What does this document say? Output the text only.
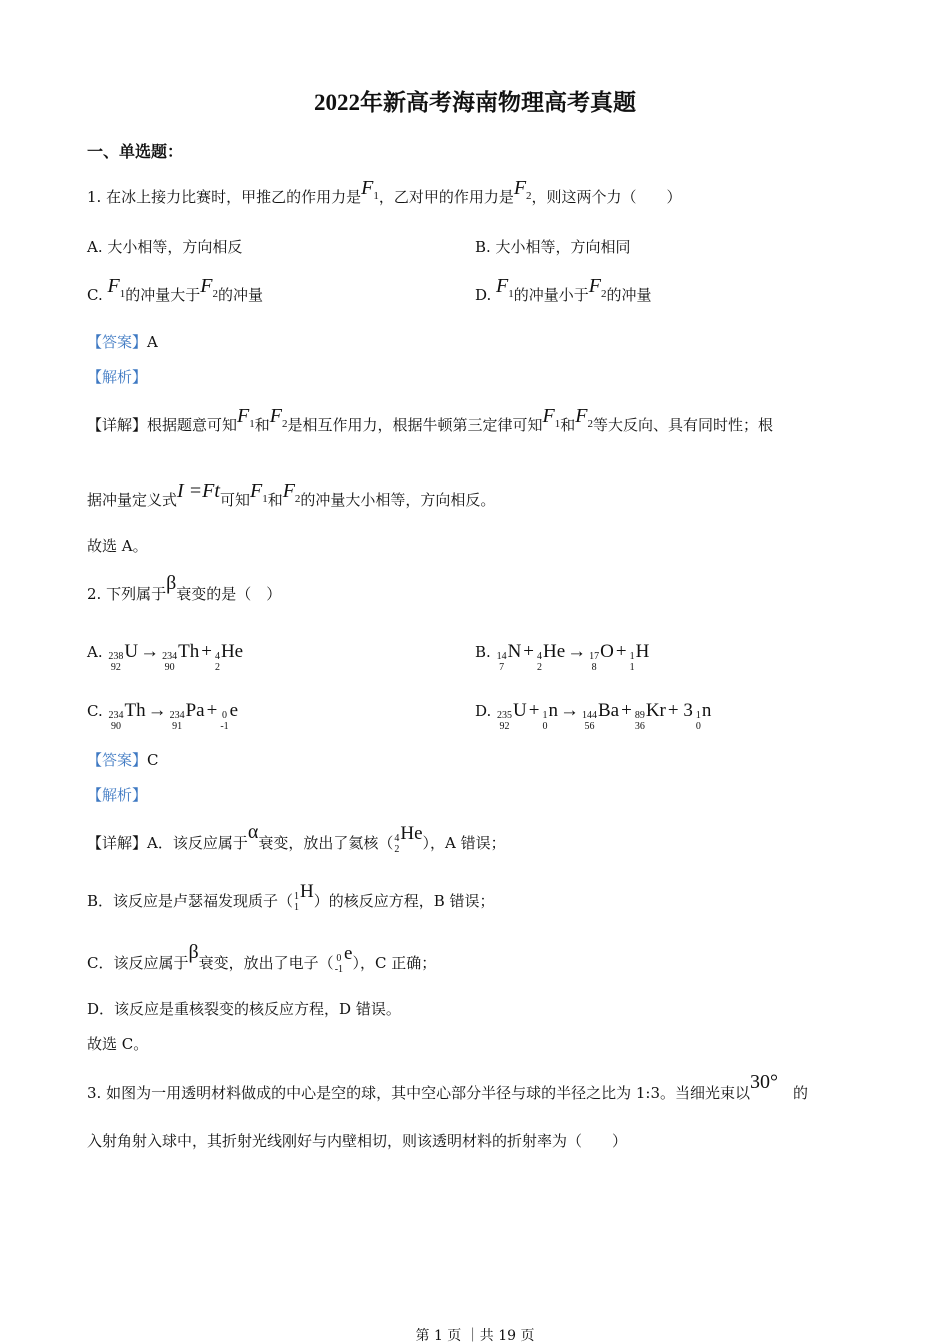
2022年新高考海南物理高考真题
一、单选题：
第 1 页 ｜共 19 页
1. 在冰上接力比赛时，甲推乙的作用力是$F_1$，乙对甲的作用力是$F_2$，则这两个力（　　）
A. 大小相等，方向相反	B. 大小相等，方向相同
C. $F_1$的冲量大于$F_2$的冲量	D. $F_1$的冲量小于$F_2$的冲量
【答案】A
【解析】
【详解】根据题意可知$F_1$和$F_2$是相互作用力，根据牛顿第三定律可知$F_1$和$F_2$等大反向、具有同时性；根
据冲量定义式I =Ft可知$F_1$和$F_2$的冲量大小相等，方向相反。
故选 A。
2. 下列属于β衰变的是（　）
A. 238
92
U → 234
90
Th + 4
2
He	B. 14
7
N + 4
2
He → 17
8
O + 1
1
H
C. 234
90
Th → 234
91
Pa + 0
-1
e	D. 235
92
U + 1
0
n → 144
56
Ba + 89
36
Kr + 3 1
0
n
【答案】C
【解析】
【详解】A．该反应属于α衰变，放出了氦核（ 4
2
He），A 错误；
B．该反应是卢瑟福发现质子（ 1
1
H）的核反应方程，B 错误；
C．该反应属于β衰变，放出了电子（ 0
-1
e），C 正确；
D．该反应是重核裂变的核反应方程，D 错误。
故选 C。
3. 如图为一用透明材料做成的中心是空的球，其中空心部分半径与球的半径之比为 1:3。当细光束以30°　的
入射角射入球中，其折射光线刚好与内壁相切，则该透明材料的折射率为（　　）
